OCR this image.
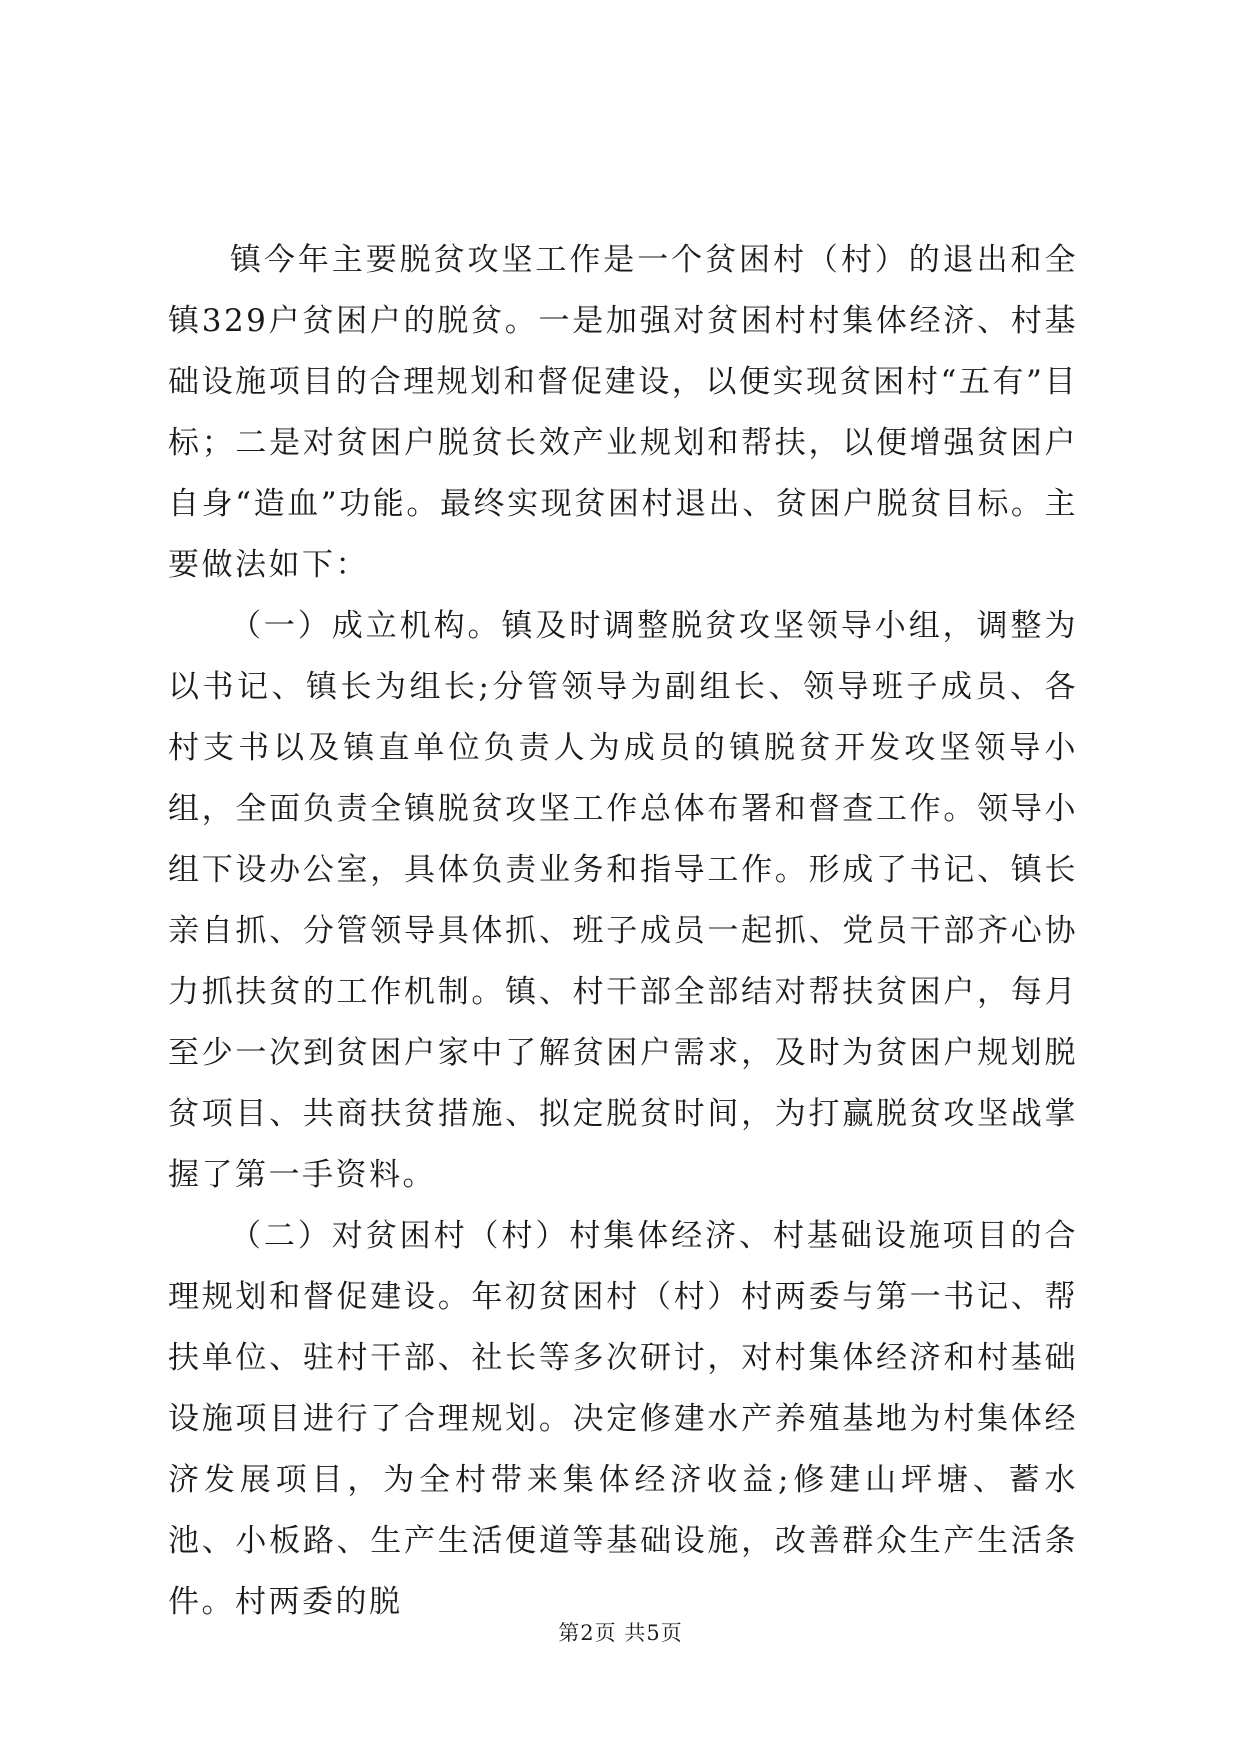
镇今年主要脱贫攻坚工作是一个贫困村（村）的退出和全镇329户贫困户的脱贫。一是加强对贫困村村集体经济、村基础设施项目的合理规划和督促建设，以便实现贫困村“五有”目标；二是对贫困户脱贫长效产业规划和帮扶，以便增强贫困户自身“造血”功能。最终实现贫困村退出、贫困户脱贫目标。主要做法如下：

（一）成立机构。镇及时调整脱贫攻坚领导小组，调整为以书记、镇长为组长;分管领导为副组长、领导班子成员、各村支书以及镇直单位负责人为成员的镇脱贫开发攻坚领导小组，全面负责全镇脱贫攻坚工作总体布署和督查工作。领导小组下设办公室，具体负责业务和指导工作。形成了书记、镇长亲自抓、分管领导具体抓、班子成员一起抓、党员干部齐心协力抓扶贫的工作机制。镇、村干部全部结对帮扶贫困户，每月至少一次到贫困户家中了解贫困户需求，及时为贫困户规划脱贫项目、共商扶贫措施、拟定脱贫时间，为打赢脱贫攻坚战掌握了第一手资料。

（二）对贫困村（村）村集体经济、村基础设施项目的合理规划和督促建设。年初贫困村（村）村两委与第一书记、帮扶单位、驻村干部、社长等多次研讨，对村集体经济和村基础设施项目进行了合理规划。决定修建水产养殖基地为村集体经济发展项目，为全村带来集体经济收益;修建山坪塘、蓄水池、小板路、生产生活便道等基础设施，改善群众生产生活条件。村两委的脱

第2页 共5页
